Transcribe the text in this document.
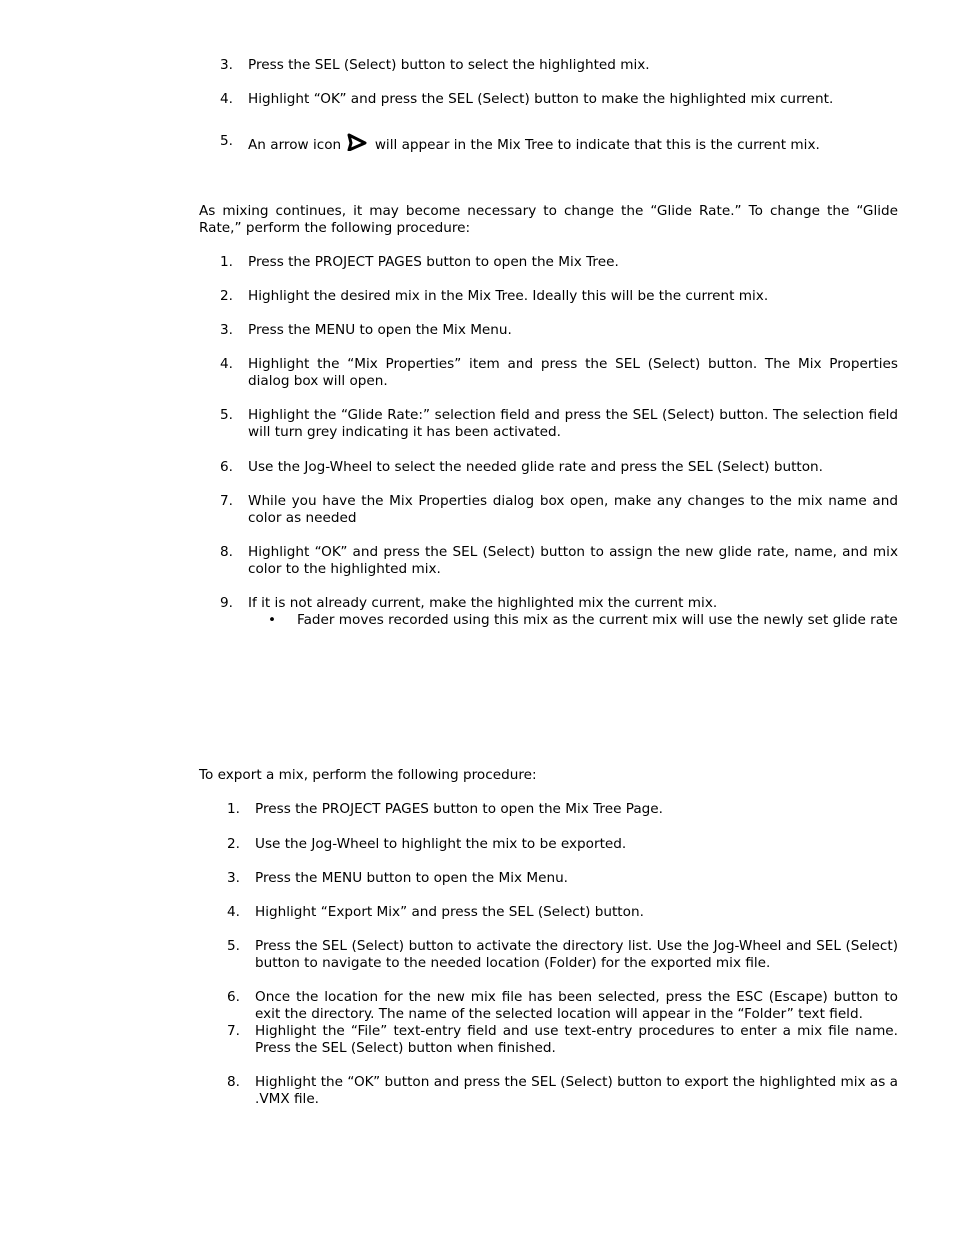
3.	Press the SEL (Select) button to select the highlighted mix.
4.	Highlight “OK” and press the SEL (Select) button to make the highlighted mix current.
5.	An arrow icon will appear in the Mix Tree to indicate that this is the current mix.

As mixing continues, it may become necessary to change the “Glide Rate.” To change the “Glide Rate,” perform the following procedure:

1.	Press the PROJECT PAGES button to open the Mix Tree.
2.	Highlight the desired mix in the Mix Tree. Ideally this will be the current mix.
3.	Press the MENU to open the Mix Menu.
4.	Highlight the “Mix Properties” item and press the SEL (Select) button. The Mix Properties dialog box will open.
5.	Highlight the “Glide Rate:” selection field and press the SEL (Select) button. The selection field will turn grey indicating it has been activated.
6.	Use the Jog-Wheel to select the needed glide rate and press the SEL (Select) button.
7.	While you have the Mix Properties dialog box open, make any changes to the mix name and color as needed
8.	Highlight “OK” and press the SEL (Select) button to assign the new glide rate, name, and mix color to the highlighted mix.
9.	If it is not already current, make the highlighted mix the current mix.
• Fader moves recorded using this mix as the current mix will use the newly set glide rate

To export a mix, perform the following procedure:

1.	Press the PROJECT PAGES button to open the Mix Tree Page.
2.	Use the Jog-Wheel to highlight the mix to be exported.
3.	Press the MENU button to open the Mix Menu.
4.	Highlight “Export Mix” and press the SEL (Select) button.
5.	Press the SEL (Select) button to activate the directory list. Use the Jog-Wheel and SEL (Select) button to navigate to the needed location (Folder) for the exported mix file.
6.	Once the location for the new mix file has been selected, press the ESC (Escape) button to exit the directory. The name of the selected location will appear in the “Folder” text field.
7.	Highlight the “File” text-entry field and use text-entry procedures to enter a mix file name. Press the SEL (Select) button when finished.
8.	Highlight the “OK” button and press the SEL (Select) button to export the highlighted mix as a .VMX file.
